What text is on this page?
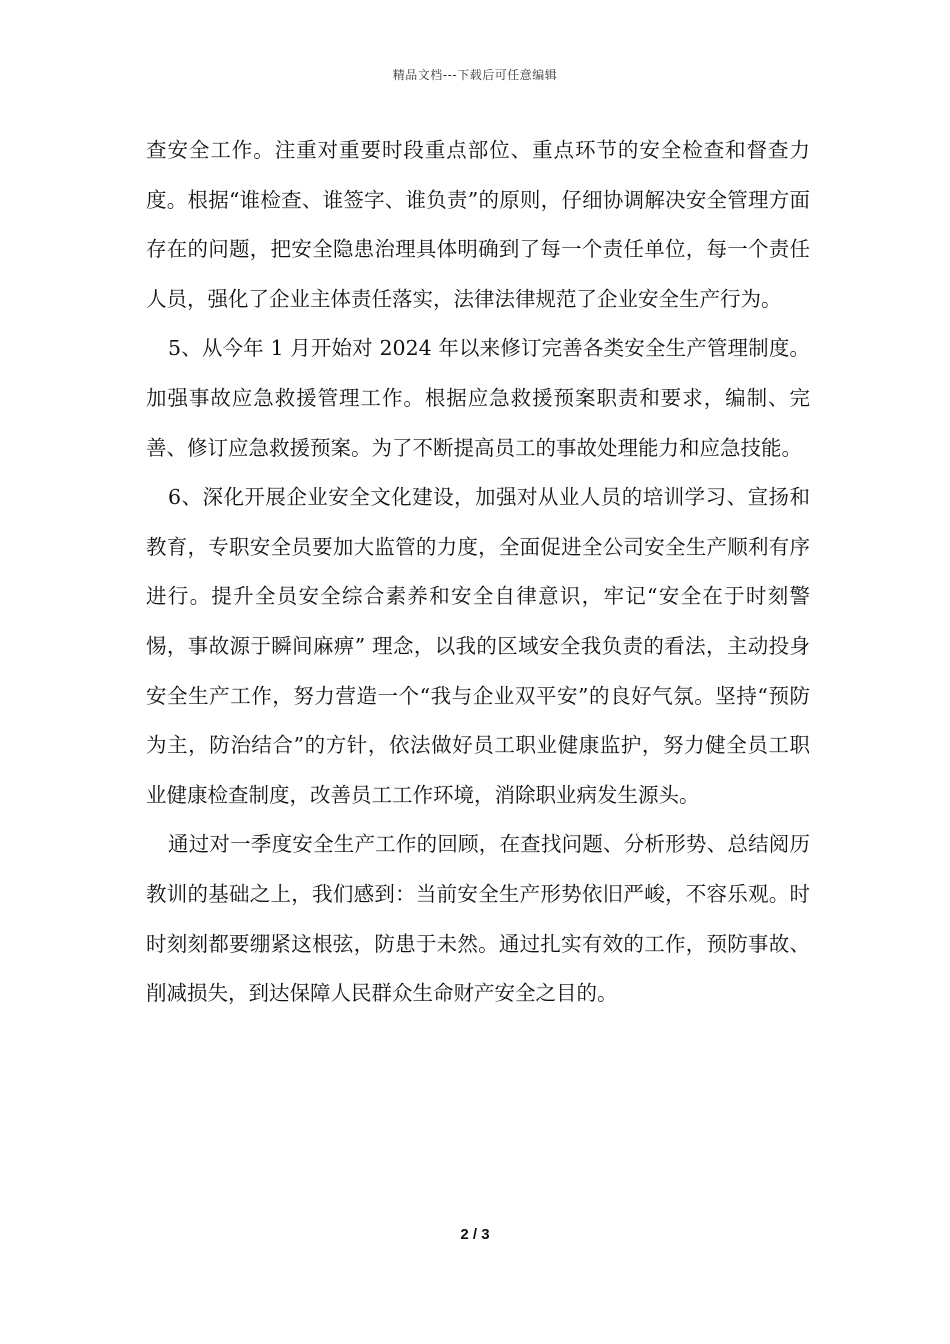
精品文档---下载后可任意编辑

查安全工作。注重对重要时段重点部位、重点环节的安全检查和督查力度。根据“谁检查、谁签字、谁负责”的原则，仔细协调解决安全管理方面存在的问题，把安全隐患治理具体明确到了每一个责任单位，每一个责任人员，强化了企业主体责任落实，法律法律规范了企业安全生产行为。

5、从今年 1 月开始对 2024 年以来修订完善各类安全生产管理制度。加强事故应急救援管理工作。根据应急救援预案职责和要求，编制、完善、修订应急救援预案。为了不断提高员工的事故处理能力和应急技能。

6、深化开展企业安全文化建设，加强对从业人员的培训学习、宣扬和教育，专职安全员要加大监管的力度，全面促进全公司安全生产顺利有序进行。提升全员安全综合素养和安全自律意识，牢记“安全在于时刻警惕，事故源于瞬间麻痹” 理念，以我的区域安全我负责的看法，主动投身安全生产工作，努力营造一个“我与企业双平安”的良好气氛。坚持“预防为主，防治结合”的方针，依法做好员工职业健康监护，努力健全员工职业健康检查制度，改善员工工作环境，消除职业病发生源头。

通过对一季度安全生产工作的回顾，在查找问题、分析形势、总结阅历教训的基础之上，我们感到：当前安全生产形势依旧严峻，不容乐观。时时刻刻都要绷紧这根弦，防患于未然。通过扎实有效的工作，预防事故、削减损失，到达保障人民群众生命财产安全之目的。

2 / 3
